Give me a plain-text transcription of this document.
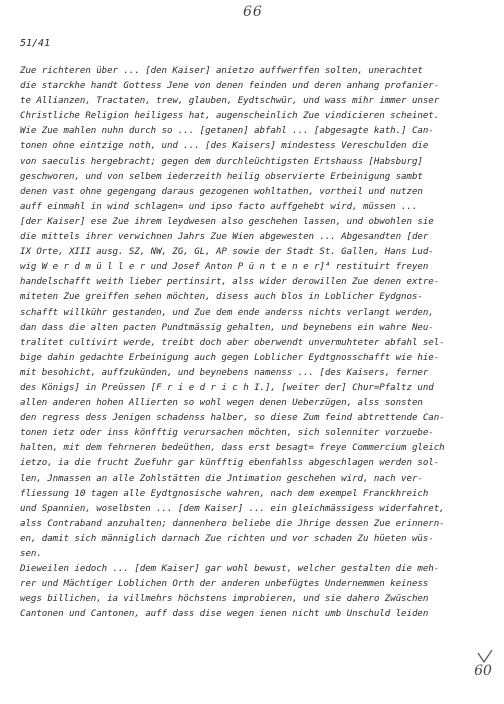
66
51/41
Zue richteren über ... [den Kaiser] anietzo auffwerffen solten, unerachtet
die starckhe handt Gottess Jene von denen feinden und deren anhang profanier-
te Allianzen, Tractaten, trew, glauben, Eydtschwür, und wass mihr immer unser
Christliche Religion heiligess hat, augenscheinlich Zue vindicieren scheinet.
Wie Zue mahlen nuhn durch so ... [getanen] abfahl ... [abgesagte kath.] Can-
tonen ohne eintzige noth, und ... [des Kaisers] mindestess Vereschulden die
von saeculis hergebracht; gegen dem durchleüchtigsten Ertshauss [Habsburg]
geschworen, und von selbem iederzeith heilig observierte Erbeinigung sambt
denen vast ohne gegengang daraus gezogenen wohltathen, vortheil und nutzen
auff einmahl in wind schlagen= und ipso facto auffgehebt wird, müssen ...
[der Kaiser] ese Zue ihrem leydwesen also geschehen lassen, und obwohlen sie
die mittels ihrer verwichnen Jahrs Zue Wien abgewesten ... Abgesandten [der
IX Orte, XIII ausg. SZ, NW, ZG, GL, AP sowie der Stadt St. Gallen, Hans Lud-
wig W e r d m ü l l e r und Josef Anton P ü n t e n e r]⁴ restituirt freyen
handelschafft weith lieber pertinsirt, alss wider derowillen Zue denen extre-
miteten Zue greiffen sehen möchten, disess auch blos in Loblicher Eydgnos-
schafft willkühr gestanden, und Zue dem ende anderss nichts verlangt werden,
dan dass die alten pacten Pundtmässig gehalten, und beynebens ein wahre Neu-
tralitet cultivirt werde, treibt doch aber oberwendt unvermuhteter abfahl sel-
bige dahin gedachte Erbeinigung auch gegen Loblicher Eydtgnosschafft wie hie-
mit besohicht, auffzukünden, und beynebens namenss ... [des Kaisers, ferner
des Königs] in Preüssen [F r i e d r i c h I.], [weiter der] Chur=Pfaltz und
allen anderen hohen Allierten so wohl wegen denen Ueberzügen, alss sonsten
den regress dess Jenigen schadenss halber, so diese Zum feind abtrettende Can-
tonen ietz oder inss könfftig verursachen möchten, sich solenniter vorzuebe-
halten, mit dem fehrneren bedeüthen, dass erst besagt= freye Commercium gleich
ietzo, ia die frucht Zuefuhr gar künfftig ebenfahlss abgeschlagen werden sol-
len, Jnmassen an alle Zohlstätten die Jntimation geschehen wird, nach ver-
fliessung 10 tagen alle Eydtgnosische wahren, nach dem exempel Franckhreich
und Spannien, woselbsten ... [dem Kaiser] ... ein gleichmässigess widerfahret,
alss Contraband anzuhalten; dannenhero beliebe die Jhrige dessen Zue erinnern-
en, damit sich männiglich darnach Zue richten und vor schaden Zu hüeten wüs-
sen.
Dieweilen iedoch ... [dem Kaiser] gar wohl bewust, welcher gestalten die meh-
rer und Mächtiger Loblichen Orth der anderen unbefügtes Undernemmen keiness
wegs billichen, ia villmehrs höchstens improbieren, und sie dahero Zwüschen
Cantonen und Cantonen, auff dass dise wegen ienen nicht umb Unschuld leiden
60
